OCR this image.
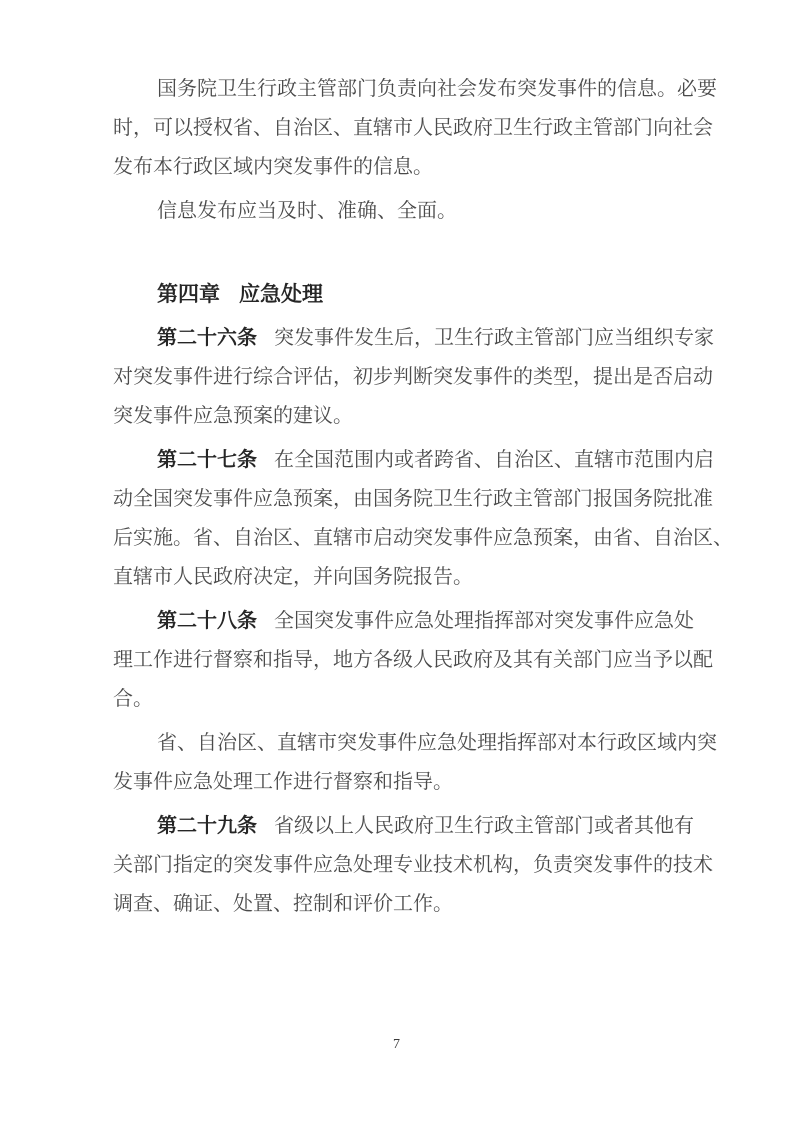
国务院卫生行政主管部门负责向社会发布突发事件的信息。必要
时，可以授权省、自治区、直辖市人民政府卫生行政主管部门向社会
发布本行政区域内突发事件的信息。
信息发布应当及时、准确、全面。
第四章 应急处理
第二十六条 突发事件发生后，卫生行政主管部门应当组织专家
对突发事件进行综合评估，初步判断突发事件的类型，提出是否启动
突发事件应急预案的建议。
第二十七条 在全国范围内或者跨省、自治区、直辖市范围内启
动全国突发事件应急预案，由国务院卫生行政主管部门报国务院批准
后实施。省、自治区、直辖市启动突发事件应急预案，由省、自治区、
直辖市人民政府决定，并向国务院报告。
第二十八条 全国突发事件应急处理指挥部对突发事件应急处
理工作进行督察和指导，地方各级人民政府及其有关部门应当予以配
合。
省、自治区、直辖市突发事件应急处理指挥部对本行政区域内突
发事件应急处理工作进行督察和指导。
第二十九条 省级以上人民政府卫生行政主管部门或者其他有
关部门指定的突发事件应急处理专业技术机构，负责突发事件的技术
调查、确证、处置、控制和评价工作。
7
